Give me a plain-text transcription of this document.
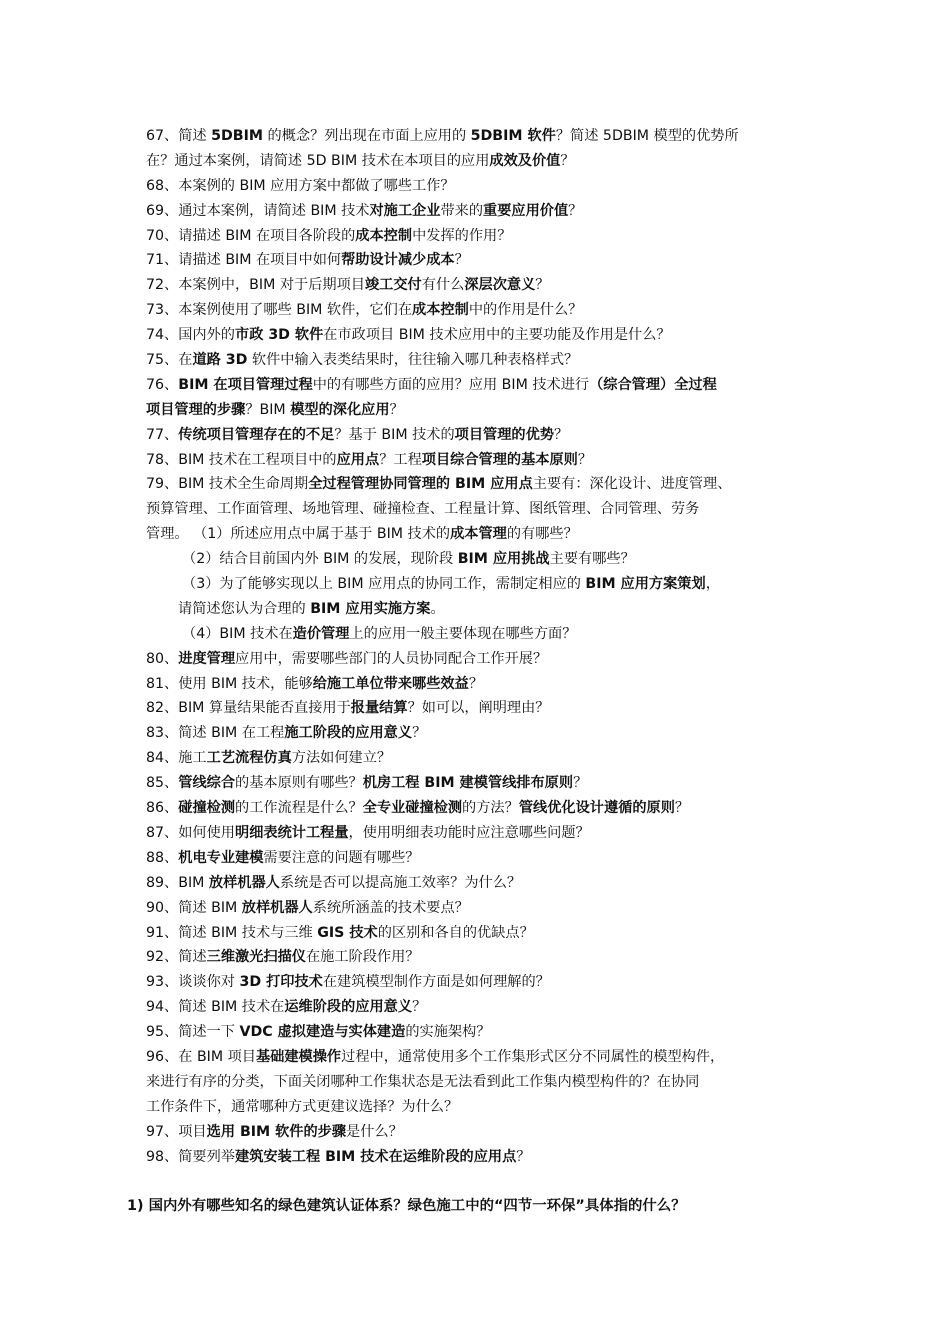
67、简述 5DBIM 的概念？列出现在市面上应用的 5DBIM 软件？简述 5DBIM 模型的优势所
在？通过本案例，请简述 5D BIM 技术在本项目的应用成效及价值？
68、本案例的 BIM 应用方案中都做了哪些工作？
69、通过本案例，请简述 BIM 技术对施工企业带来的重要应用价值？
70、请描述 BIM 在项目各阶段的成本控制中发挥的作用？
71、请描述 BIM 在项目中如何帮助设计减少成本？
72、本案例中，BIM 对于后期项目竣工交付有什么深层次意义？
73、本案例使用了哪些 BIM 软件，它们在成本控制中的作用是什么？
74、国内外的市政 3D 软件在市政项目 BIM 技术应用中的主要功能及作用是什么？
75、在道路 3D 软件中输入表类结果时，往往输入哪几种表格样式？
76、BIM 在项目管理过程中的有哪些方面的应用？应用 BIM 技术进行（综合管理）全过程
项目管理的步骤？BIM 模型的深化应用？
77、传统项目管理存在的不足？基于 BIM 技术的项目管理的优势？
78、BIM 技术在工程项目中的应用点？工程项目综合管理的基本原则？
79、BIM 技术全生命周期全过程管理协同管理的 BIM 应用点主要有：深化设计、进度管理、
预算管理、工作面管理、场地管理、碰撞检查、工程量计算、图纸管理、合同管理、劳务
管理。 （1）所述应用点中属于基于 BIM 技术的成本管理的有哪些？
（2）结合目前国内外 BIM 的发展，现阶段 BIM 应用挑战主要有哪些？
（3）为了能够实现以上 BIM 应用点的协同工作，需制定相应的 BIM 应用方案策划，
请简述您认为合理的 BIM 应用实施方案。
（4）BIM 技术在造价管理上的应用一般主要体现在哪些方面？
80、进度管理应用中，需要哪些部门的人员协同配合工作开展？
81、使用 BIM 技术，能够给施工单位带来哪些效益？
82、BIM 算量结果能否直接用于报量结算？如可以，阐明理由？
83、简述 BIM 在工程施工阶段的应用意义？
84、施工工艺流程仿真方法如何建立？
85、管线综合的基本原则有哪些？机房工程 BIM 建模管线排布原则？
86、碰撞检测的工作流程是什么？全专业碰撞检测的方法？管线优化设计遵循的原则？
87、如何使用明细表统计工程量，使用明细表功能时应注意哪些问题？
88、机电专业建模需要注意的问题有哪些？
89、BIM 放样机器人系统是否可以提高施工效率？为什么？
90、简述 BIM 放样机器人系统所涵盖的技术要点？
91、简述 BIM 技术与三维 GIS 技术的区别和各自的优缺点？
92、简述三维激光扫描仪在施工阶段作用？
93、谈谈你对 3D 打印技术在建筑模型制作方面是如何理解的？
94、简述 BIM 技术在运维阶段的应用意义？
95、简述一下 VDC 虚拟建造与实体建造的实施架构？
96、在 BIM 项目基础建模操作过程中，通常使用多个工作集形式区分不同属性的模型构件，
来进行有序的分类，下面关闭哪种工作集状态是无法看到此工作集内模型构件的？在协同
工作条件下，通常哪种方式更建议选择？为什么？
97、项目选用 BIM 软件的步骤是什么？
98、简要列举建筑安装工程 BIM 技术在运维阶段的应用点？
1) 国内外有哪些知名的绿色建筑认证体系？绿色施工中的“四节一环保”具体指的什么？
